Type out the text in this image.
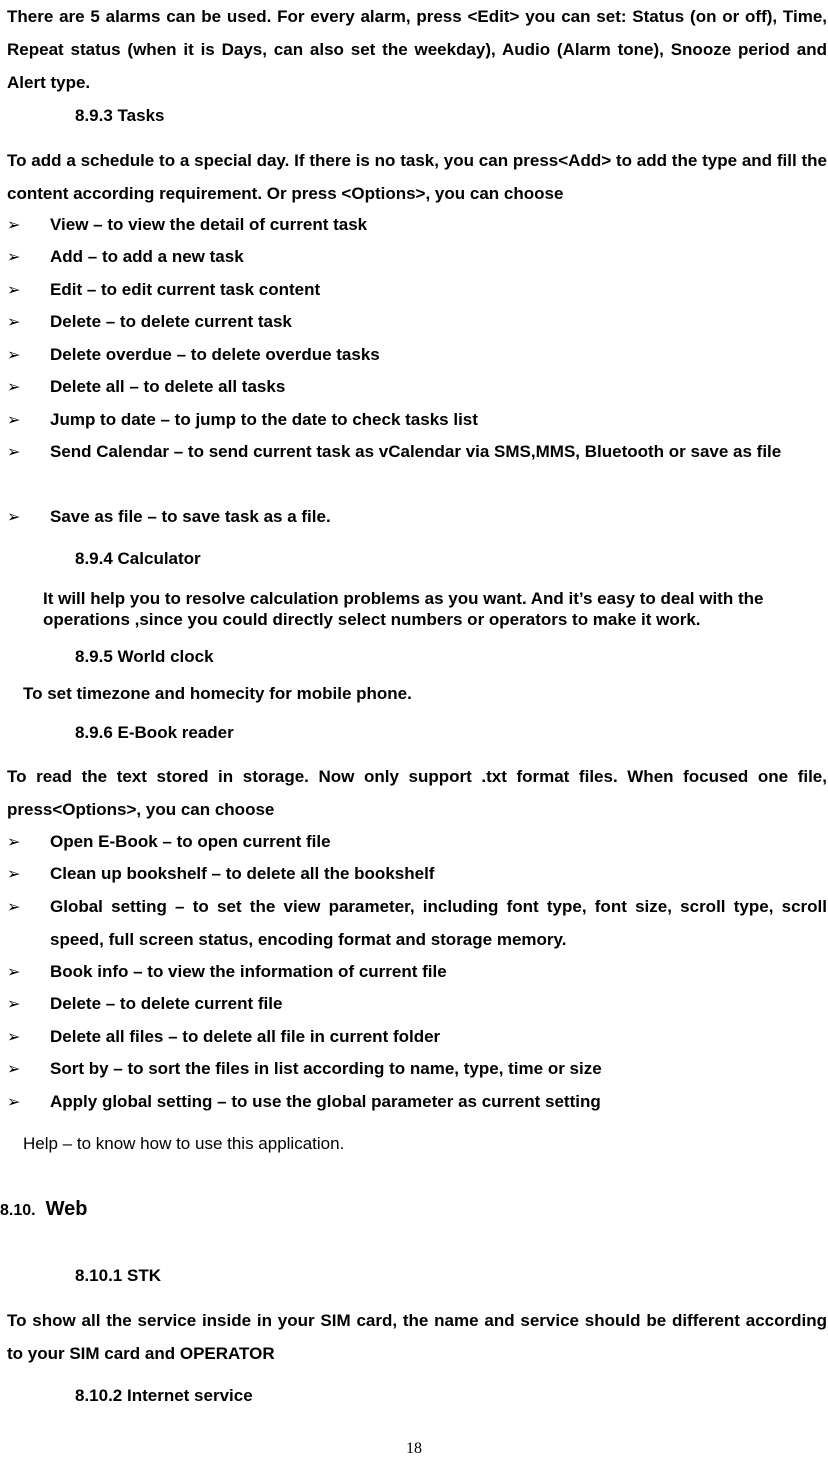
There are 5 alarms can be used. For every alarm, press <Edit> you can set: Status (on or off), Time, Repeat status (when it is Days, can also set the weekday), Audio (Alarm tone), Snooze period and Alert type.
8.9.3 Tasks
To add a schedule to a special day. If there is no task, you can press<Add> to add the type and fill the content according requirement. Or press <Options>, you can choose
➢ View – to view the detail of current task
➢ Add – to add a new task
➢ Edit – to edit current task content
➢ Delete – to delete current task
➢ Delete overdue – to delete overdue tasks
➢ Delete all – to delete all tasks
➢ Jump to date – to jump to the date to check tasks list
➢ Send Calendar – to send current task as vCalendar via SMS,MMS, Bluetooth or save as file
➢ Save as file – to save task as a file.
8.9.4 Calculator
It will help you to resolve calculation problems as you want. And it’s easy to deal with the operations ,since you could directly select numbers or operators to make it work.
8.9.5 World clock
To set timezone and homecity for mobile phone.
8.9.6 E-Book reader
To read the text stored in storage. Now only support .txt format files. When focused one file, press<Options>, you can choose
➢ Open E-Book – to open current file
➢ Clean up bookshelf – to delete all the bookshelf
➢ Global setting – to set the view parameter, including font type, font size, scroll type, scroll speed, full screen status, encoding format and storage memory.
➢ Book info – to view the information of current file
➢ Delete – to delete current file
➢ Delete all files – to delete all file in current folder
➢ Sort by – to sort the files in list according to name, type, time or size
➢ Apply global setting – to use the global parameter as current setting
Help – to know how to use this application.
8.10. Web
8.10.1 STK
To show all the service inside in your SIM card, the name and service should be different according to your SIM card and OPERATOR
8.10.2 Internet service
18
